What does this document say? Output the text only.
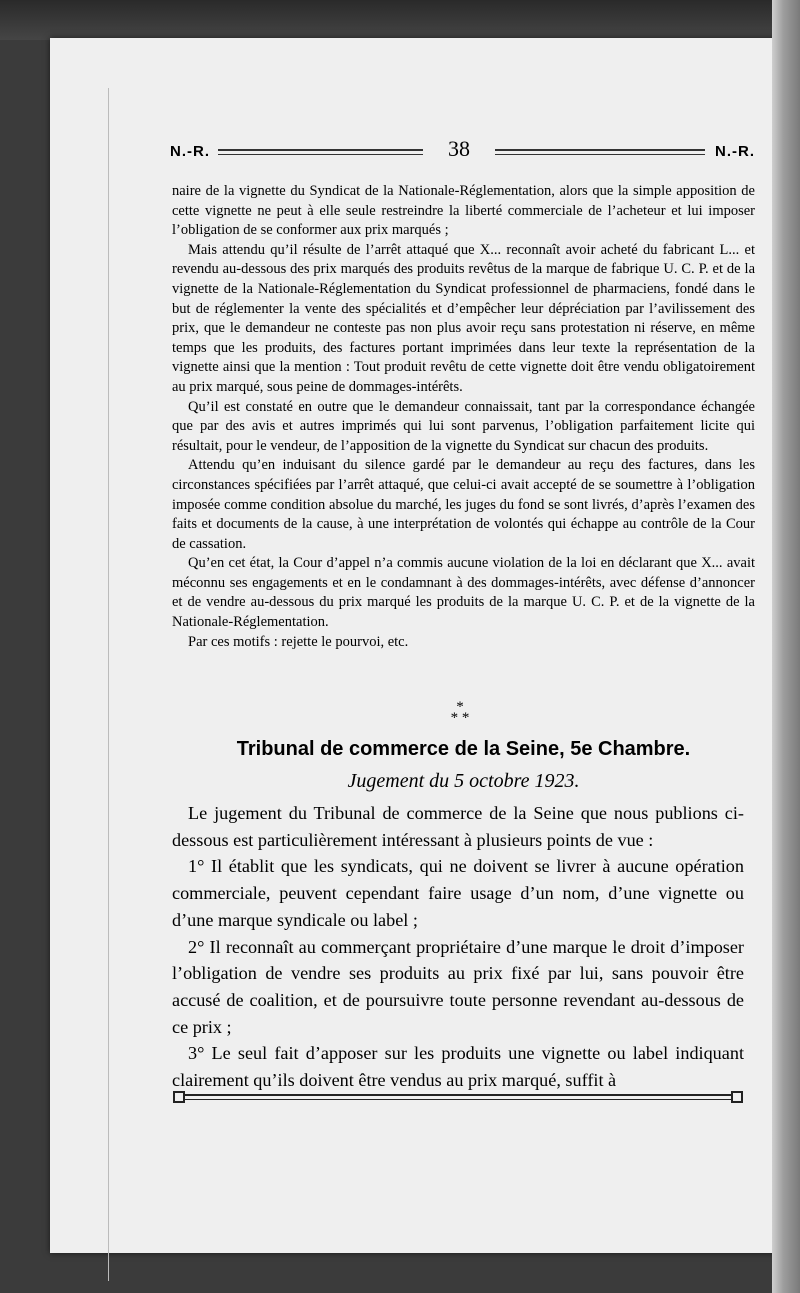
N.-R.	38	N.-R.

naire de la vignette du Syndicat de la Nationale-Réglementation, alors que la simple apposition de cette vignette ne peut à elle seule restreindre la liberté commerciale de l’acheteur et lui imposer l’obligation de se conformer aux prix marqués ;

Mais attendu qu’il résulte de l’arrêt attaqué que X... reconnaît avoir acheté du fabricant L... et revendu au-dessous des prix marqués des produits revêtus de la marque de fabrique U. C. P. et de la vignette de la Nationale-Réglementation du Syndicat professionnel de pharmaciens, fondé dans le but de réglementer la vente des spécialités et d’empêcher leur dépréciation par l’avilissement des prix, que le demandeur ne conteste pas non plus avoir reçu sans protestation ni réserve, en même temps que les produits, des factures portant imprimées dans leur texte la représentation de la vignette ainsi que la mention : Tout produit revêtu de cette vignette doit être vendu obligatoirement au prix marqué, sous peine de dommages-intérêts.

Qu’il est constaté en outre que le demandeur connaissait, tant par la correspondance échangée que par des avis et autres imprimés qui lui sont parvenus, l’obligation parfaitement licite qui résultait, pour le vendeur, de l’apposition de la vignette du Syndicat sur chacun des produits.

Attendu qu’en induisant du silence gardé par le demandeur au reçu des factures, dans les circonstances spécifiées par l’arrêt attaqué, que celui-ci avait accepté de se soumettre à l’obligation imposée comme condition absolue du marché, les juges du fond se sont livrés, d’après l’examen des faits et documents de la cause, à une interprétation de volontés qui échappe au contrôle de la Cour de cassation.

Qu’en cet état, la Cour d’appel n’a commis aucune violation de la loi en déclarant que X... avait méconnu ses engagements et en le condamnant à des dommages-intérêts, avec défense d’annoncer et de vendre au-dessous du prix marqué les produits de la marque U. C. P. et de la vignette de la Nationale-Réglementation.

Par ces motifs : rejette le pourvoi, etc.

*
* *
Tribunal de commerce de la Seine, 5e Chambre.
Jugement du 5 octobre 1923.

Le jugement du Tribunal de commerce de la Seine que nous publions ci-dessous est particulièrement intéressant à plusieurs points de vue :

1° Il établit que les syndicats, qui ne doivent se livrer à aucune opération commerciale, peuvent cependant faire usage d’un nom, d’une vignette ou d’une marque syndicale ou label ;

2° Il reconnaît au commerçant propriétaire d’une marque le droit d’imposer l’obligation de vendre ses produits au prix fixé par lui, sans pouvoir être accusé de coalition, et de poursuivre toute personne revendant au-dessous de ce prix ;

3° Le seul fait d’apposer sur les produits une vignette ou label indiquant clairement qu’ils doivent être vendus au prix marqué, suffit à
